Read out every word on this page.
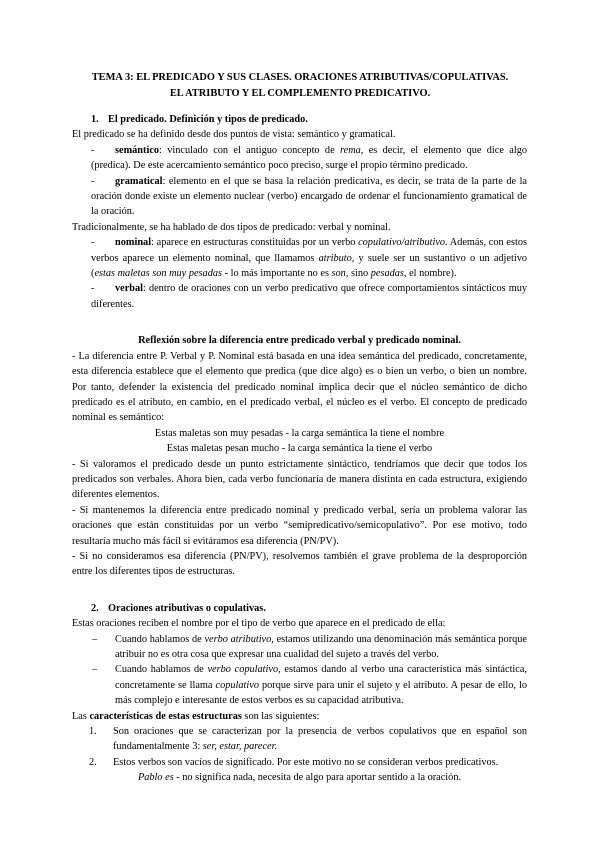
TEMA 3: EL PREDICADO Y SUS CLASES. ORACIONES ATRIBUTIVAS/COPULATIVAS.
EL ATRIBUTO Y EL COMPLEMENTO PREDICATIVO.

1. El predicado. Definición y tipos de predicado.

El predicado se ha definido desde dos puntos de vista: semántico y gramatical.

- semántico: vinculado con el antiguo concepto de rema, es decir, el elemento que dice algo (predica). De este acercamiento semántico poco preciso, surge el propio término predicado.

- gramatical: elemento en el que se basa la relación predicativa, es decir, se trata de la parte de la oración donde existe un elemento nuclear (verbo) encargado de ordenar el funcionamiento gramatical de la oración.

Tradicionalmente, se ha hablado de dos tipos de predicado: verbal y nominal.

- nominal: aparece en estructuras constituidas por un verbo copulativo/atributivo. Además, con estos verbos aparece un elemento nominal, que llamamos atributo, y suele ser un sustantivo o un adjetivo (estas maletas son muy pesadas - lo más importante no es son, sino pesadas, el nombre).

- verbal: dentro de oraciones con un verbo predicativo que ofrece comportamientos sintácticos muy diferentes.

Reflexión sobre la diferencia entre predicado verbal y predicado nominal.

- La diferencia entre P. Verbal y P. Nominal está basada en una idea semántica del predicado, concretamente, esta diferencia establece que el elemento que predica (que dice algo) es o bien un verbo, o bien un nombre. Por tanto, defender la existencia del predicado nominal implica decir que el núcleo semántico de dicho predicado es el atributo, en cambio, en el predicado verbal, el núcleo es el verbo. El concepto de predicado nominal es semántico:

Estas maletas son muy pesadas - la carga semántica la tiene el nombre

Estas maletas pesan mucho - la carga semántica la tiene el verbo

- Si valoramos el predicado desde un punto estrictamente sintáctico, tendríamos que decir que todos los predicados son verbales. Ahora bien, cada verbo funcionaría de manera distinta en cada estructura, exigiendo diferentes elementos.

- Si mantenemos la diferencia entre predicado nominal y predicado verbal, sería un problema valorar las oraciones que están constituidas por un verbo “semipredicativo/semicopulativo”. Por ese motivo, todo resultaría mucho más fácil si evitáramos esa diferencia (PN/PV).

- Si no consideramos esa diferencia (PN/PV), resolvemos también el grave problema de la desproporción entre los diferentes tipos de estructuras.

2. Oraciones atributivas o copulativas.

Estas oraciones reciben el nombre por el tipo de verbo que aparece en el predicado de ella:

‒ Cuando hablamos de verbo atributivo, estamos utilizando una denominación más semántica porque atribuir no es otra cosa que expresar una cualidad del sujeto a través del verbo.

‒ Cuando hablamos de verbo copulativo, estamos dando al verbo una característica más sintáctica, concretamente se llama copulativo porque sirve para unir el sujeto y el atributo. A pesar de ello, lo más complejo e interesante de estos verbos es su capacidad atributiva.

Las características de estas estructuras son las siguientes:

1. Son oraciones que se caracterizan por la presencia de verbos copulativos que en español son fundamentalmente 3: ser, estar, parecer.

2. Estos verbos son vacíos de significado. Por este motivo no se consideran verbos predicativos.

Pablo es - no significa nada, necesita de algo para aportar sentido a la oración.
